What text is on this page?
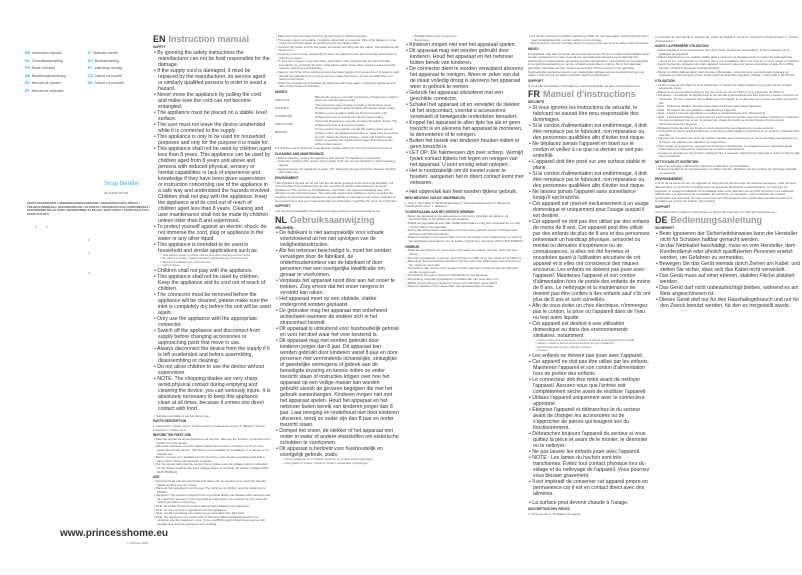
EN Instruction manual
NL Gebruiksaanwijzing
FR Mode d'emploi
DE Bedienungsanleitung
ES Manual de usuario
PT Manual de utilizador
IT Manuale utente
SV Bruksanvisning
PL Instrukcja obsługi
CS Návod na použití
SK Návod na použitie
Soup blender
01.212042.01.001
PARTS DESCRIPTION / ONDERDELENBESCHRIJVING / DESCRIPTION DES PIÈCES / TEILBESCHREIBUNG / DESCRIPCIÓN DE LAS PIEZAS / DESCRIÇÃO DOS COMPONENTES / DESCRIZIONE DELLE PARTI / BESKRIVNING AV DELAR / OPIS CZĘŚCI / POPIS SOUČÁSTÍ / POPIS SÚČASTÍ
2	1
1
4
4
www.princesshome.eu
© Princess 2018
EN Instruction manual
SAFETY
• By ignoring the safety instructions the manufacturer can not be hold responsible for the damage.
• If the supply cord is damaged, it must be replaced by the manufacturer, its service agent or similarly qualified persons in order to avoid a hazard.
• Never move the appliance by pulling the cord and make sure the cord can not become entangled.
• The appliance must be placed on a stable, level surface.
• The user must not leave the device unattended while it is connected to the supply.
• This appliance is only to be used for household purposes and only for the purpose it is made for.
• This appliance shall not be used by children aged less than 8 years. This appliance can be used by children aged from 8 years and above and persons with reduced physical, sensory or mental capabilities or lack of experience and knowledge if they have been given supervision or instruction concerning use of the appliance in a safe way and understand the hazards involved. Children shall not play with the appliance. Keep the appliance and its cord out of reach of children aged less than 8 years. Cleaning and user maintenance shall not be made by children unless older than 8 and supervised.
• To protect yourself against an electric shock, do not immerse the cord, plug or appliance in the water or any other liquid.
• This appliance is intended to be used in household and similar applications such as:
○ Staff kitchen areas in shops, offices and other working environments;
○ By clients in hotels, motels and other residential type environments;
○ Bed and breakfast type environments;
○ Farm houses.
• Children shall not play with the appliance.
• This appliance shall not be used by children. Keep the appliance and its cord out of reach of children.
• The connector must be removed before the appliance will be cleaned, please make sure the inlet is completely dry before the unit will be used again.
• Only use the appliance with the appropriate connector.
• Switch off the appliance and disconnect from supply before changing accessories or approaching parts that move in use.
• Always disconnect the device from the supply if it is left unattended and before assembling, disassembling or cleaning.
• Do not allow children to use the device without supervision.
• NOTE: The chopping blades are very sharp, avoid physical contact during emptying and cleaning the device, you can seriously injure. It is absolutely necessary to keep this appliance clean at all times, because it comes into direct contact with food.
• Surfaces are liable to get hot during use.
PARTS DESCRIPTION
1. Head unit 2. Steam cap 3. Control panel 4. Liquid level sensor 5. Blades 6. Power connector 7. Power cord
BEFORE THE FIRST USE
• Take the appliance and accessories out the box. Remove the stickers, protective foil or plastic from the device.
• Place the appliance on a flat stable surface and ensure a minimum of 10 cm. free space around the device. This device is not suitable for installation in a cabinet or for outside use.
• Before you use your appliance for the first time, wipe off all removable parts with a damp cloth. Never use abrasive products.
• Put the power cable into the socket. (Note: Make sure the voltage which is indicated on the device matches the local voltage before connecting the device. Voltage 220V-240V 50/60Hz)
USE
• Twist the head unit anti clockwise and take it off, be careful not to touch the blender blades as they are very sharp.
• Place all the ingredients into the jug. The minimum is 1300ml, and the maximum is 1600ml.
• Important: The amount of liquid in the jug should always be between the minimum and the maximum amount. If you don't add enough liquid, the contents of your soup will stick to the bottom of the jug.
• Note: all meats should be cooked before being added to the appliance.
• Note: do not put frozen ingredients into the appliance.
• Note: cut all ingredients into cubes of not more than 3cm (3/4 inch).
• Note: the appliance only works when it has been filled with liquid between the minimum and the maximum mark. If you overfill the jug the liquid level sensor will operate and stop the appliance from working.
• Place the head unit back onto the jug ensuring it is placed securely.
• The steam cap is removable, it could be detached or removed. When this happens, it can simply be put back again by pushing it over the steam outlet.
• Connect the power cord to the power connector and plug into the mains. The appliance will beep once.
• Press the menu button repeatedly to select the desired menu and press the start button to start the program.
• To stop the program, press the start / stop button. The program can be resumed after interruption by pressing the start / stop button again. Note, there must be a few seconds between stopping and restarting.
• Keep in mind that if the cooking process has been going on for some time it is better to wait until all the ingredients from the jar and re-create the recipe, as this can affect the end result of the recipe.
• When the programme is finished the appliance will beep again, unplug the appliance and take off the head unit carefully.
MODES:
[SMOOTH]
Blends the soup to a smooth consistency. Programme length is about 21 minutes (heat mode).
[CHUNKY]
This keeps the soup chunky to create a wholesome soup. Programme length is approximately 28 minutes (heat mode).
[COMPOTE]
Enables you to produce delicious Fruit Compotes. The Programme time is around 18 minutes (heat mode).
[SMOOTHIE]
Using this Programme you can produce Smoothie Juices. The Programme time is around 3 minutes.
[BLEND]
If your soup is not smooth enough this setting gives you an option to carry out additional blending to make your soup extra smooth. Select the blend function, press and hold the start button to operate. Do not blend for longer than 30 seconds without interruptions.
For this item we've selected some special recipes which you can find at www.princess.nl
CLEANING AND MAINTENANCE
• Before cleaning, unplug the appliance and wait for the appliance to cool down.
• Clean the outside of the device with a damp cloth. Do not use abrasive or harsh cleaning agents.
• Never immerse the appliance in water. The head unit and jug should be cleaned carefully after each use.
ENVIRONMENT
This appliance should not be put into the domestic garbage at the end of its durability, but must be offered at a central point for the recycling of electric and electronic domestic appliances. This symbol on the appliance, instruction manual and packaging puts your attention to this important issue. The materials used in this appliance can be recycled. By recycling of used domestic appliances you contribute an important push to the protection of our environment. Ask your local authorities for information regarding the point of recollection.
SUPPORT
You can find all available information and spare parts at www.princesshome.eu!
NL Gebruiksaanwijzing
VEILIGHEID
• De fabrikant is niet aansprakelijk voor schade voortvloeiend uit het niet opvolgen van de veiligheidsinstructies.
• Als het netsnoer beschadigd is, moet het worden vervangen door de fabrikant, de onderhoudsmonteur van de fabrikant of door personen met een soortgelijke kwalificatie om gevaar te voorkomen.
• Verplaats het apparaat nooit door aan het snoer te trekken. Zorg ervoor dat het snoer nergens in verstrikt kan raken.
• Het apparaat moet op een stabiele, vlakke ondergrond worden geplaatst.
• De gebruiker mag het apparaat niet onbeheerd achterlaten wanneer de stekker zich in het stopcontact bevindt.
• Dit apparaat is uitsluitend voor huishoudelijk gebruik en voor het doel waar het voor bestemd is.
• Dit apparaat mag niet worden gebruikt door kinderen jonger dan 8 jaar. Dit apparaat kan worden gebruikt door kinderen vanaf 8 jaar en door personen met verminderde lichamelijke, zintuiglijke of geestelijke vermogens of gebrek aan de benodigde ervaring en kennis indien ze onder toezicht staan of instructies krijgen over hoe het apparaat op een veilige manier kan worden gebruikt alsook de gevaren begrijpen die met het gebruik samenhangen. Kinderen mogen niet met het apparaat spelen. Houd het apparaat en het netsnoer buiten bereik van kinderen jonger dan 8 jaar. Laat reiniging en onderhoud niet door kinderen uitvoeren, tenzij ze ouder zijn dan 8 jaar en onder toezicht staan.
• Dompel het snoer, de stekker of het apparaat niet onder in water of andere vloeistoffen om elektrische schokken te voorkomen.
• Dit apparaat is bedoeld voor huishoudelijk en soortgelijk gebruik, zoals:
○ Personeelskeukens in winkels, kantoren en andere werkomgevingen;
○ Door gasten in hotels, motels en andere residentiële omgevingen;
○ Bed&Breakfast-type omgevingen;
○ Boerderijen.
• Kinderen mogen niet met het apparaat spelen.
• Dit apparaat mag niet worden gebruikt door kinderen. Houd het apparaat en het netsnoer buiten bereik van kinderen.
• De connector dient te worden verwijderd alvorens het apparaat te reinigen. Wees er zeker van dat de inlaat volledig droog is alvorens het apparaat weer in gebruik te nemen.
• Gebruik het apparaat uitsluitend met een geschikte connector.
• Schakel het apparaat uit en verwijder de stekker uit het stopcontact, voordat u accessoires verwisselt of bewegende onderdelen benadert.
• Koppel het apparaat te allen tijde los als er geen toezicht is en alvorens het apparaat te monteren, te demonteren of te reinigen.
• Buiten het bereik van kinderen houden indien er geen toezicht is.
• LET OP: De hakmessen zijn zeer scherp. Vermijd fysiek contact tijdens het legen en reinigen van het apparaat. U kunt ernstig letsel oplopen.
• Het is noodzakelijk om dit toestel zuiver te houden, aangezien het in direct contact komt met eetwaren.
• Het oppervlak kan heet worden tijdens gebruik.
BESCHRIJVING VAN DE ONDERDELEN
1. Kop 2. Stoomkap 3. Bedieningspaneel 4. Vloeistofniveausensor 5. Messen 6. Voedingsconnector 7. Netsnoer
VOORAFGAAND AAN HET EERSTE GEBRUIK
• Neem het apparaat en de accessoires uit de doos. Verwijder de stickers, de beschermfolie of het plastic van het apparaat.
• Plaats het apparaat op een vlak, stabiel oppervlak en zorg voor minimaal 10 cm vrije ruimte rondom het apparaat.
• Reinig alle afneembare onderdelen voor het eerste gebruik met een vochtige doek. Gebruik nooit schuurmiddelen.
• Steek de stekker in het stopcontact. (Let op: Controleer of de netspanning vermeld op het apparaat overeenkomt met de lokale netspanning. Spanning 220V-240V 50/60Hz)
GEBRUIK
• Draai de kop linksom en neem deze eraf. Raak de messen niet aan, deze zijn zeer scherp.
• Doe alle ingrediënten in de kan. Het minimum is 1300 ml en het maximum is 1600 ml.
• Belangrijk: De hoeveelheid vloeistof in de kan moet zich altijd tussen het minimum en het maximum bevinden.
• Opmerking: alle vleessoorten moeten worden gekookt voordat ze aan het apparaat worden toegevoegd.
• Opmerking: doe geen bevroren ingrediënten in het apparaat.
• Opmerking: snijd alle ingrediënten in blokjes van niet meer dan 3 cm.
• Plaats de kop terug op de kan en zorg ervoor dat deze goed vastzit.
• Steek de stekker in het stopcontact. Het apparaat piept eenmaal.
• Vul de kan niet boven de MAX-markering (1600 ml) met heet water. Schroef de kop af en laat het apparaat drie minuten werken om te reinigen.
• Reinig de kan met een vochtige doek en spoel na. De kan nooit in water onderdompelen.
MILIEU
Dit apparaat mag aan het einde van de levensduur niet bij het normale huishoudelijke afval worden gedeponeerd, maar moet bij een speciaal inzamelpunt voor hergebruik van elektrische en elektronische apparaten worden aangeboden. Het symbool op het apparaat, in de gebruiksaanwijzing en op de verpakking attendeert u hierop. De in het apparaat gebruikte materialen kunnen worden gerecycled. Met het recyclen van gebruikte huishoudelijke apparaten levert u een belangrijke bijdrage aan de bescherming van ons milieu. Informeer bij uw lokale overheid naar het inzamelpunt.
SUPPORT
U vindt alle beschikbare informatie en reserveonderdelen op www.princesshome.eu!
FR Manuel d'instructions
SÉCURITÉ
• Si vous ignorez les instructions de sécurité, le fabricant ne saurait être tenu responsable des dommages.
• Si le cordon d'alimentation est endommagé, il doit être remplacé par le fabricant, son réparateur ou des personnes qualifiées afin d'éviter tout risque.
• Ne déplacez jamais l'appareil en tirant sur le cordon et veillez à ce que ce dernier ne soit pas entortillé.
• L'appareil doit être posé sur une surface stable et plane.
• Si le cordon d'alimentation est endommagé, il doit être remplacé par le fabricant, son réparateur ou des personnes qualifiées afin d'éviter tout risque.
• Ne laissez jamais l'appareil sans surveillance lorsqu'il est branché.
• Cet appareil est réservé exclusivement à un usage domestique et uniquement pour l'usage auquel il est destiné.
• Cet appareil ne doit pas être utilisé par des enfants de moins de 8 ans. Cet appareil peut être utilisé par des enfants de plus de 8 ans et des personnes présentant un handicap physique, sensoriel ou mental ou dénuées d'expérience ou de connaissances, si elles ont été formées et encadrées quant à l'utilisation sécurisée de cet appareil et si elles ont conscience des risques encourus. Les enfants ne doivent pas jouer avec l'appareil. Maintenez l'appareil et son cordon d'alimentation hors de portée des enfants de moins de 8 ans. Le nettoyage et la maintenance ne doivent pas être confiés à des enfants sauf s'ils ont plus de 8 ans et sont surveillés.
• Afin de vous éviter un choc électrique, n'immergez pas le cordon, la prise ou l'appareil dans de l'eau ou tout autre liquide.
• Cet appareil est destiné à une utilisation domestique ou dans des environnements similaires, notamment :
○ Coins cuisine des commerces, bureaux et autres environnements de travail ;
○ Hôtels, motels et autres environnements de type résidentiel ;
○ Environnements de type chambre d'hôtes ;
○ Fermes.
• Les enfants ne doivent pas jouer avec l'appareil.
• Cet appareil ne doit pas être utilisé par les enfants. Maintenez l'appareil et son cordon d'alimentation hors de portée des enfants.
• Le connecteur doit être retiré avant de nettoyer l'appareil. Assurez-vous que l'entrée soit complètement sèche avant de réutiliser l'appareil.
• Utilisez l'appareil uniquement avec le connecteur approprié.
• Éteignez l'appareil et débranchez-le du secteur avant de changer les accessoires ou de s'approcher de pièces qui bougent lors du fonctionnement.
• Débranchez toujours l'appareil du secteur si vous quittez la pièce et avant de le monter, le démonter ou le nettoyer.
• Ne pas laisser les enfants jouer avec l'appareil.
• NOTE : Les lames du hachoir sont très tranchantes. Évitez tout contact physique lors du vidage et du nettoyage de l'appareil. Vous pourriez vous blesser gravement.
• Il est impératif de conserver cet appareil propre en permanence car il est en contact direct avec des aliments.
• La surface peut devenir chaude à l'usage.
DESCRIPTION DES PIÈCES
1. Unité de tête 2. Ventilation de vapeur
3. Panneau de commande 4. Capteur de niveau de liquide 5. Lames 6. Connecteur d'alimentation 7. Cordon d'alimentation
AVANT LA PREMIÈRE UTILISATION
• Sortez l'appareil et les accessoires hors de la boîte. Retirez les autocollants, le film protecteur ou le plastique de l'appareil.
• Placez l'appareil sur une surface stable plate et assurez un dégagement tout autour de l'appareil d'au moins 10 cm. Cet appareil ne convient pas à une installation dans une armoire ou à un usage à l'extérieur.
• Avant la première utilisation de votre appareil, essuyez toutes les pièces amovibles à l'aide d'un chiffon humide. N'utilisez jamais de produits abrasifs.
• Mettez le câble d'alimentation dans la prise. (Remarque : Assurez-vous que la tension indiquée sur l'appareil correspond à la tension locale avant de brancher l'appareil. Voltage : 220 V-240 V 50-60 Hz)
UTILISATION
• Tordez l'unité de tête dans le sens antihoraire et enlevez-la. Faites attention à ne pas toucher la lame acérée du mixeur.
• Placez tous les ingrédients dans le pot. Le minimum est de 1300 ml et le maximum de 1600 ml.
• Important : La quantité de liquide dans le pot devrait systématiquement être entre les niveaux minimum et maximum. Si vous n'ajoutez pas suffisamment de liquide, le contenu de votre soupe va coller au fond du pot.
• Note : Toutes les viandes devraient être cuites avant leur ajout dans l'appareil.
• Note : Ne placez pas d'ingrédients surgelés dans l'appareil.
• Note : Coupez tous les ingrédients en cubes ne dépassant pas 3cm (3/4 pouces).
• Note : L'appareil fonctionne uniquement s'il a été rempli de liquide entre les repères minimum et maximum. Si vous remplissez trop le pot, le capteur de niveau de liquide se déclenchera et interrompra le fonctionnement de l'appareil.
• Replacez l'unité de tête sur le pot en vous assurant de son placement en toute sécurité.
• Connectez le cordon d'alimentation au connecteur d'alimentation et branchez-le au secteur. L'appareil bipe une fois.
• Appuyez sur le bouton de menu de manière répétée pour sélectionner le menu souhaité puis appuyez sur le bouton de marche pour démarrer le programme.
• Pour arrêter le programme, appuyez sur le bouton marche/arrêt. Le programme peut reprendre après l'interruption en appuyant à nouveau sur le bouton marche/arrêt.
• Lorsque le programme est terminé, l'appareil bipe à nouveau, débranchez l'appareil et retirez l'unité de tête avec précaution.
NETTOYAGE ET ENTRETIEN
• Avant le nettoyage, débranchez l'appareil et attendez qu'il refroidisse.
• Nettoyez l'extérieur de l'appareil avec un chiffon humide. N'utilisez pas de produits de nettoyage abrasifs ou agressifs.
ENVIRONNEMENT
À la fin de sa durée de vie, cet appareil ne doit pas être éliminé avec les déchets ménagers, mais doit être déposé dans un centre de recyclage pour les appareils électriques et électroniques. Ce symbole sur l'appareil, le manuel d'utilisation et l'emballage attire votre attention sur ce point important. Les matériaux utilisés dans cet appareil sont recyclables. En recyclant vos appareils, vous contribuez de manière significative à la protection de notre environnement. Renseignez-vous auprès des autorités locales pour connaître les centres de collecte des déchets.
SUPPORT
Vous retrouverez toutes les informations et pièces de rechange sur www.princesshome.eu !
DE Bedienungsanleitung
SICHERHEIT
• Beim Ignorieren der Sicherheitshinweise kann der Hersteller nicht für Schäden haftbar gemacht werden.
• Ist das Netzkabel beschädigt, muss es vom Hersteller, dem Kundendienst oder ähnlich qualifizierten Personen ersetzt werden, um Gefahren zu vermeiden.
• Bewegen Sie das Gerät niemals durch Ziehen am Kabel, und stellen Sie sicher, dass sich das Kabel nicht verwickelt.
• Das Gerät muss auf einer ebenen, stabilen Fläche platziert werden.
• Das Gerät darf nicht unbeaufsichtigt bleiben, während es am Netz angeschlossen ist.
• Dieses Gerät darf nur für den Haushaltsgebrauch und nur für den Zweck benutzt werden, für den es hergestellt wurde.
